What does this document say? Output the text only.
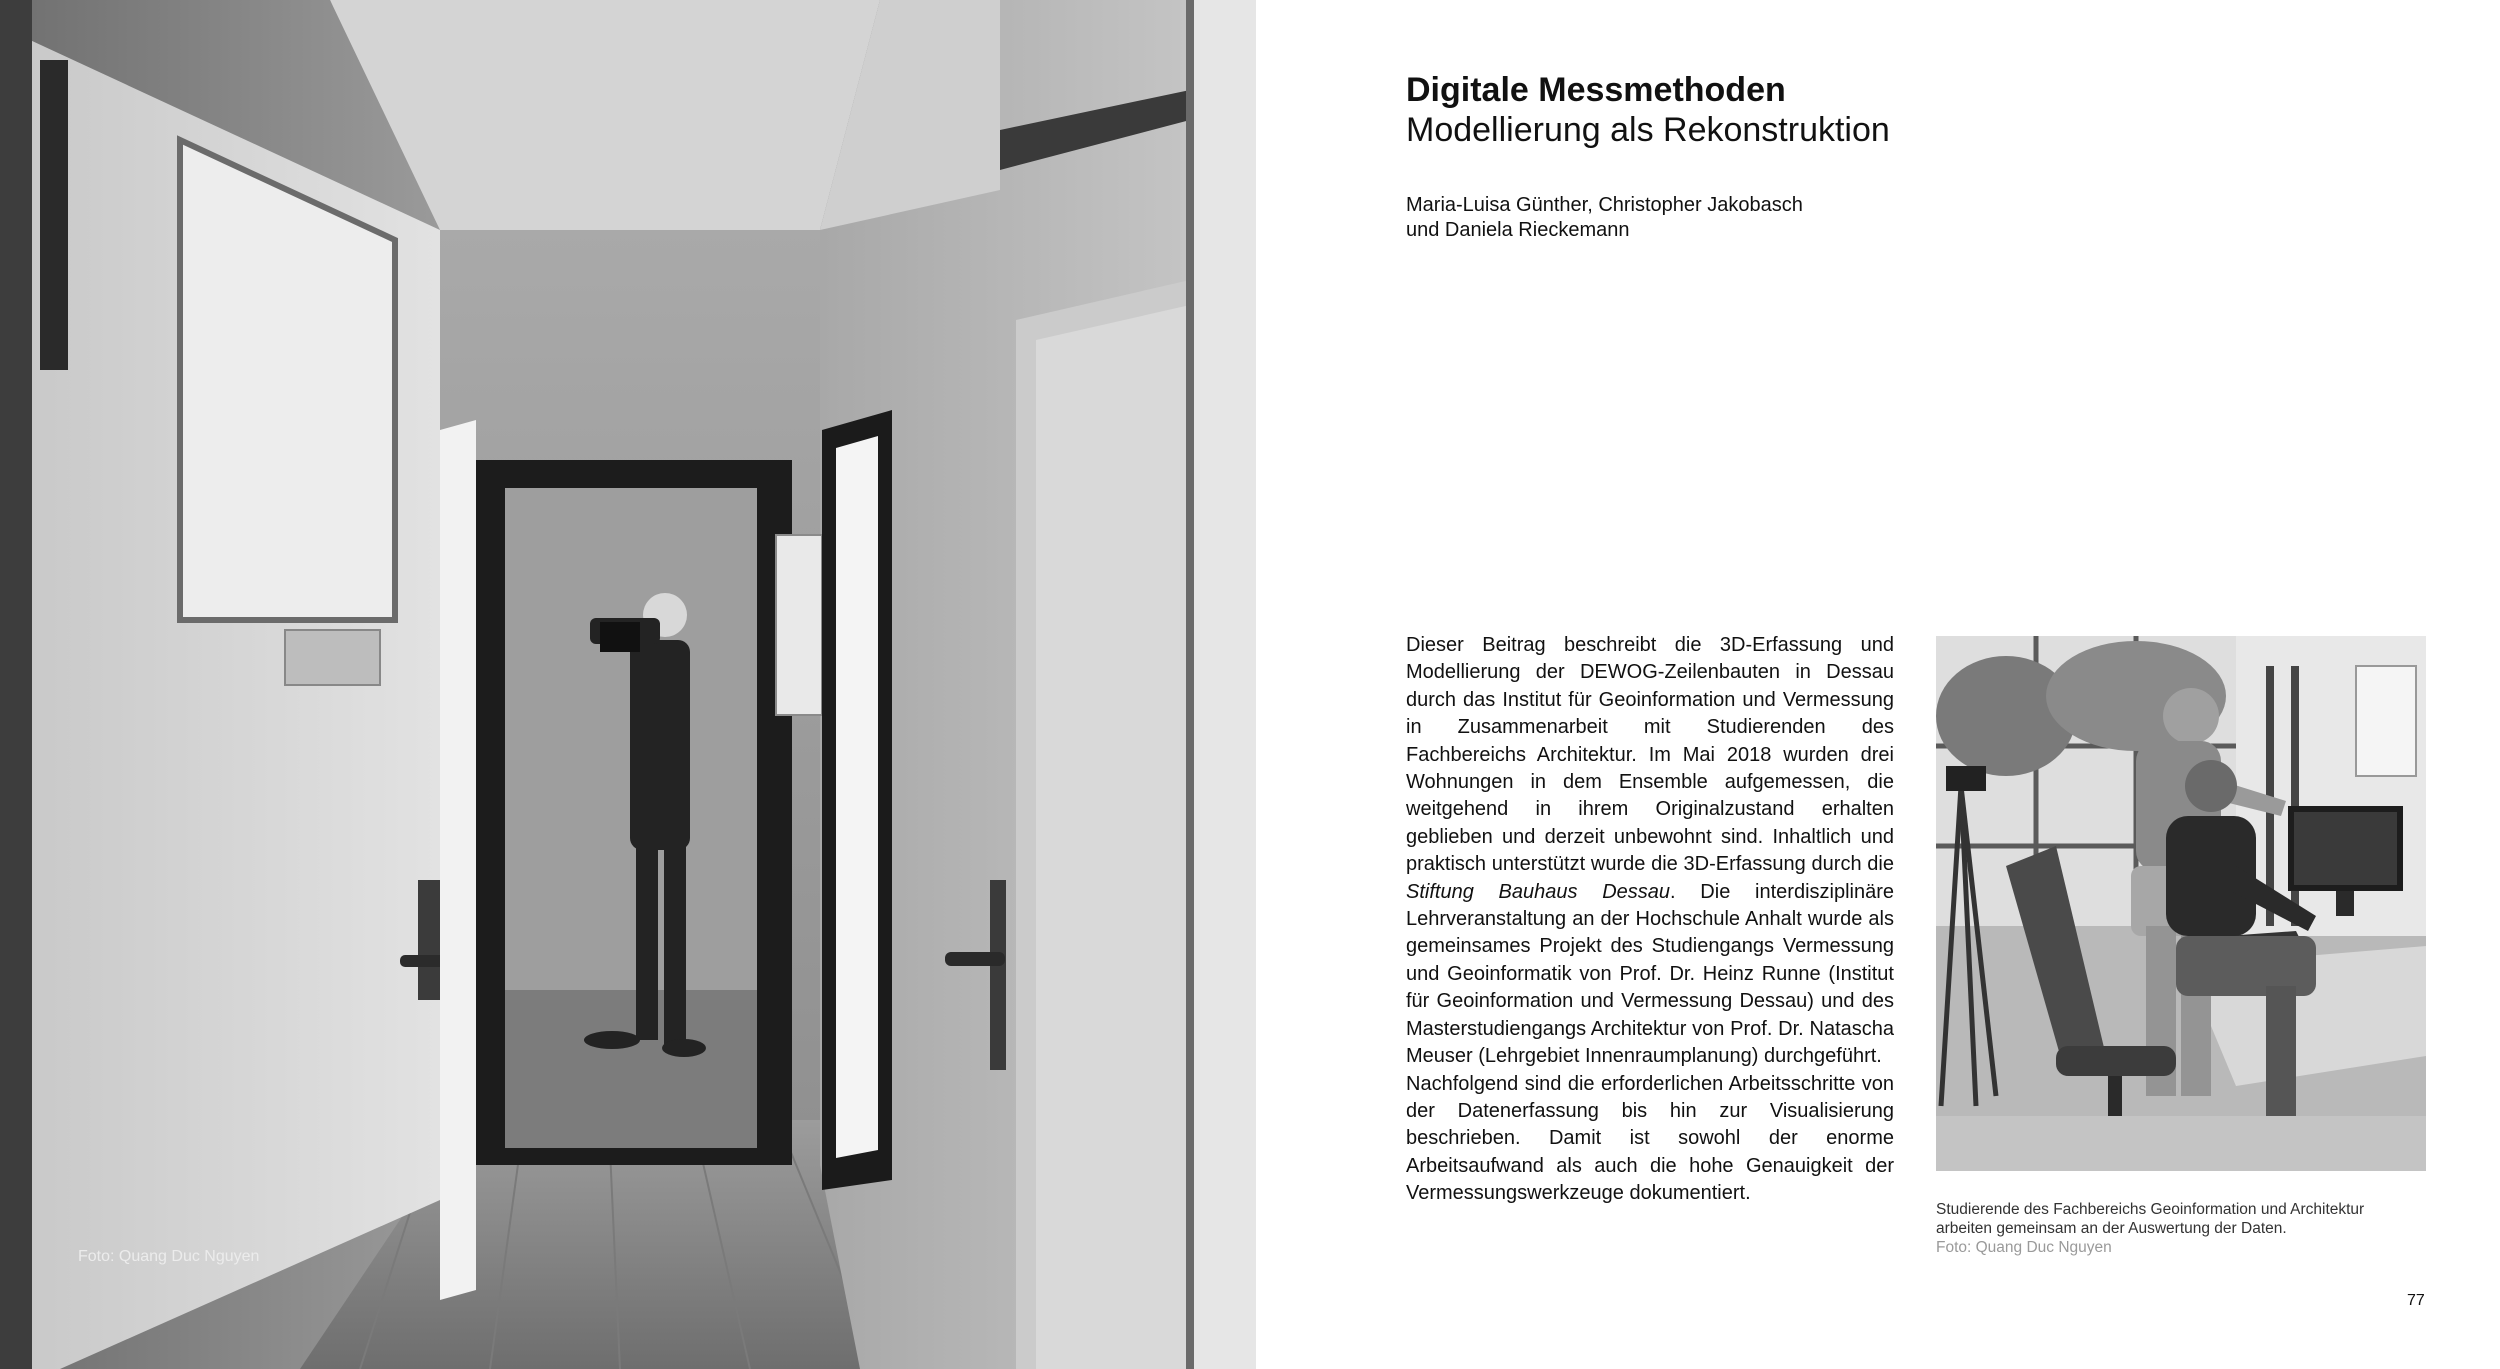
Foto: Quang Duc Nguyen
Digitale Messmethoden
Modellierung als Rekonstruktion
Maria-Luisa Günther, Christopher Jakobasch
und Daniela Rieckemann

Dieser Beitrag beschreibt die 3D-Erfassung und Modellierung der DEWOG-Zeilenbauten in Dessau durch das Institut für Geoinformation und Vermessung in Zusammenarbeit mit Studierenden des Fachbereichs Architektur. Im Mai 2018 wurden drei Wohnungen in dem Ensemble aufgemessen, die weitgehend in ihrem Originalzustand erhalten geblieben und derzeit unbewohnt sind. Inhaltlich und praktisch unterstützt wurde die 3D-Erfassung durch die Stiftung Bauhaus Dessau. Die interdisziplinäre Lehrveranstaltung an der Hochschule Anhalt wurde als gemeinsames Projekt des Studiengangs Vermessung und Geoinformatik von Prof. Dr. Heinz Runne (Institut für Geoinformation und Vermessung Dessau) und des Masterstudiengangs Architektur von Prof. Dr. Natascha Meuser (Lehrgebiet Innenraumplanung) durchgeführt.

Nachfolgend sind die erforderlichen Arbeitsschritte von der Datenerfassung bis hin zur Visualisierung beschrieben. Damit ist sowohl der enorme Arbeitsaufwand als auch die hohe Genauigkeit der Vermessungswerkzeuge dokumentiert.

Studierende des Fachbereichs Geoinformation und Architektur
arbeiten gemeinsam an der Auswertung der Daten.
Foto: Quang Duc Nguyen
77
